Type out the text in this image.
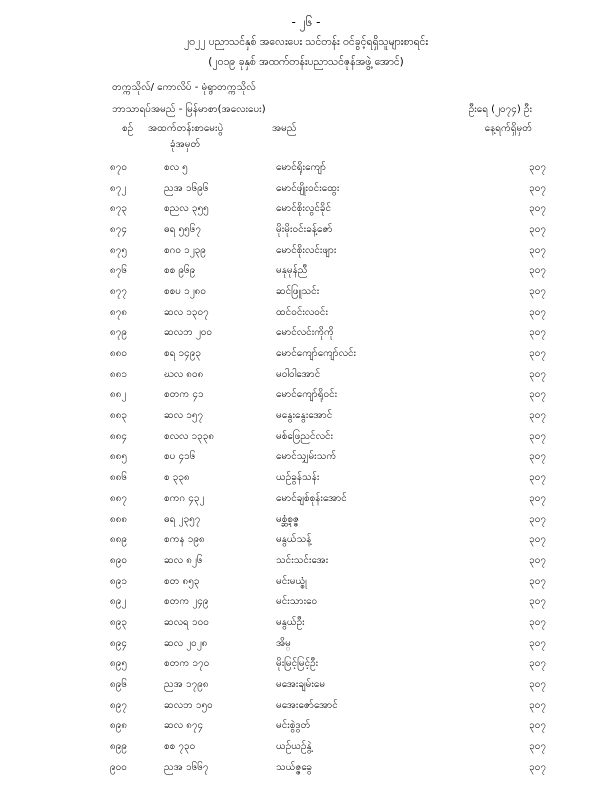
- ၂၆ -
၂၀၂၂ ပညာသင်နှစ် အလေးပေး သင်တန်း ဝင်ခွင့်ရရှိသူများစာရင်း
(၂၀၁၉ ခုနှစ် အထက်တန်းပညာသင်ဇုန်အဖွဲ့ အောင်)
တက္ကသိုလ်/ ကောလိပ် - မုံရွာတက္ကသိုလ်
ဘာသာရပ်အမည် - မြန်မာစာ(အလေးပေး)	ဦးရေ (၂၀၇၄) ဦး
စဉ် အထက်တန်းစာမေးပွဲ
ခုံအမှတ်
အမည်	နေ့ရက်ရှိမှတ်
၈၇၀	စလ ၅	မောင်ရိုးကျော်	၃၀၇
၈၇၂	ညအ ၁၆၉၆	မောင်ဖျိုးဝင်းထွေး	၃၀၇
၈၇၃	စညလ ၃၅၅	မောင်စိုးလွင်ခိုင်	၃၀၇
၈၇၄	ဓရ ၅၅၆၇	မိုးမိုးဝင်းခန့်ဇော်	၃၀၇
၈၇၅	စဂဝ ၁၂၃၉	မောင်စိုးလင်းဖျား	၃၀၇
၈၇၆	စစ ၉၆၉	မနုမုန်ညီ	၃၀၇
၈၇၇	စစပ ၁၂၈၀	ဆင်ဖြူသင်း	၃၀၇
၈၇၈	ဆလ ၁၃၀၇	ထင်ဝင်းလဝင်း	၃၀၇
၈၇၉	ဆလဘ ၂၀၀	မောင်လင်းကိုကို	၃၀၇
၈၈၀	စရ ၁၄၉၃	မောင်ကျော်ကျော်လင်း	၃၀၇
၈၈၁	ဃလ ၈၀၈	မဝါဝါအောင်	၃၀၇
၈၈၂	စတက ၄၁	မောင်ကျော်ရိုဝင်း	၃၀၇
၈၈၃	ဆလ ၁၅၇	မနွေးနွေးအောင်	၃၀၇
၈၈၄	စလလ ၁၃၃၈	မစ်ဖြေညင်လင်း	၃၀၇
၈၈၅	စပ ၄၁၆	မောင်သျှမ်းသက်	၃၀၇
၈၈၆	စ ၃၃၈	ယဉ်ခွန်သန်း	၃၀၇
၈၈၇	စကဂ ၄၃၂	မောင်ချစ်စုန်းအောင်	၃၀၇
၈၈၈	ဓရ ၂၃၅၇	မစ္ဆံ့စုဇ္ဇ	၃၀၇
၈၈၉	စကန ၁၉၈	မနွယ်သန့်	၃၀၇
၈၉၀	ဆလ ၈၂၆	သင်းသင်းအေး	၃၀၇
၈၉၁	စတ ၈၅၃	မင်းမယ္စုံ	၃၀၇
၈၉၂	စတက ၂၄၉	မင်းသားဝေ	၃၀၇
၈၉၃	ဆလရ ၁၀၀	မနွယ်ဦး	၃၀၇
၈၉၄	ဆလ ၂၀၂၈	အိမ္	၃၀၇
၈၉၅	စတက ၁၇၀	မိုးမြင့်မြင့်ဦး	၃၀၇
၈၉၆	ညအ ၁၇၉၈	မအေးချမ်းမေ	၃၀၇
၈၉၇	ဆလဘ ၁၅၀	မအေးဇော်အောင်	၃၀၇
၈၉၈	ဆလ ၈၇၄	မင်းစွဲဒွတ်	၃၀၇
၈၉၉	စစ ၇၃၀	ယဉ်ယဉ်နွဲ့	၃၀၇
၉၀၀	ညအ ၁၆၆၇	သယ်ဇ္ဇခွေ	၃၀၇
